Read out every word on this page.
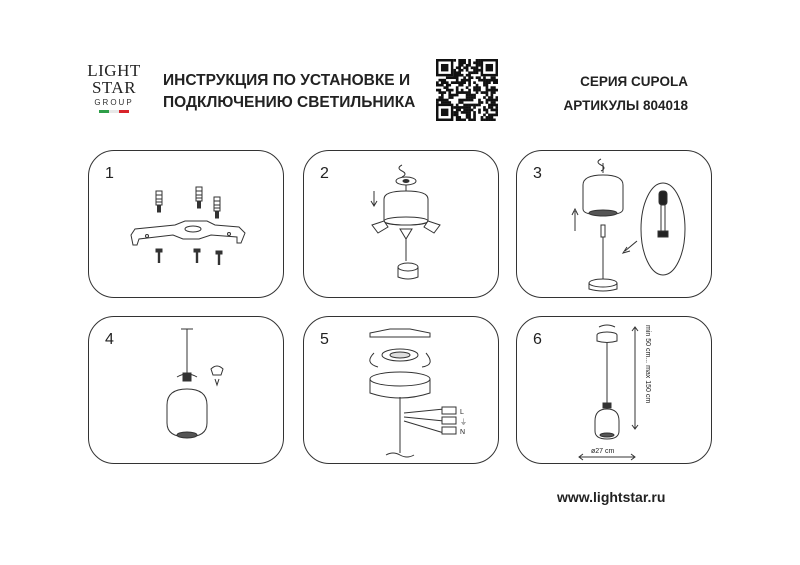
LIGHT
STAR
GROUP
ИНСТРУКЦИЯ ПО УСТАНОВКЕ И
ПОДКЛЮЧЕНИЮ СВЕТИЛЬНИКА
СЕРИЯ CUPOLA
АРТИКУЛЫ 804018
1	2	3
4	5
L
⏚
N
6	min 50 cm... max 150 cm
ø27 cm
www.lightstar.ru
